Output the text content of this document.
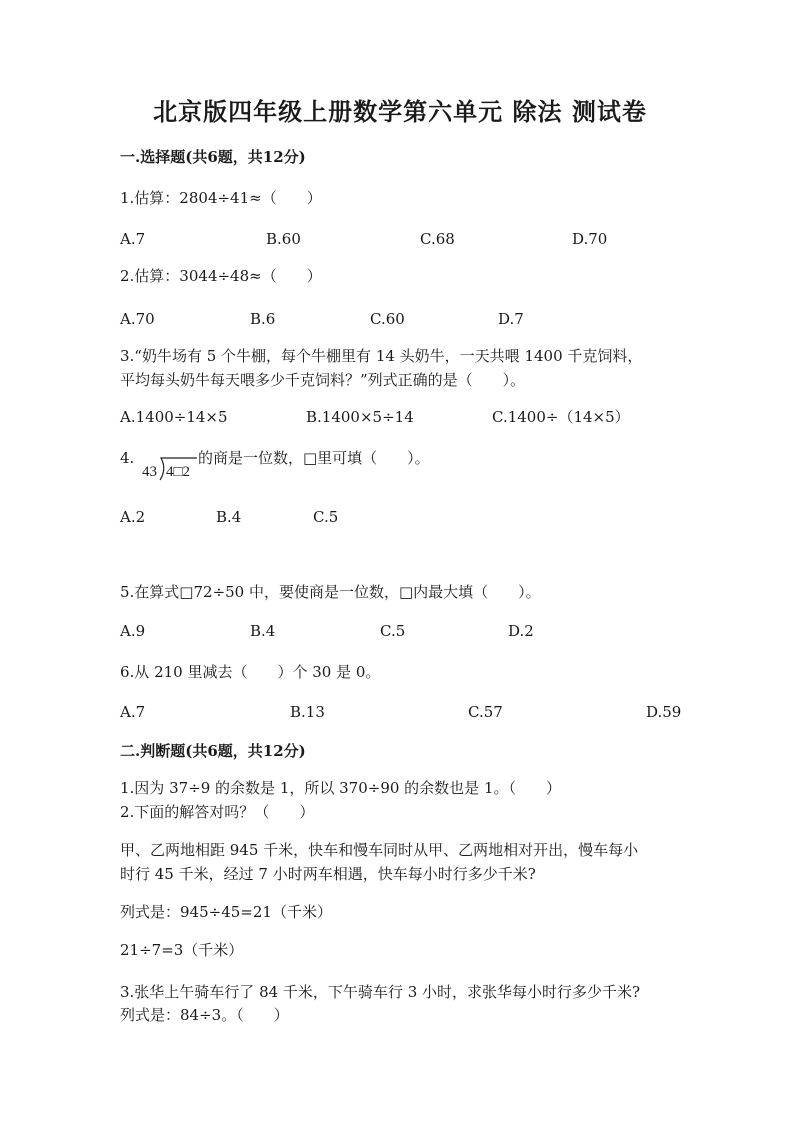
北京版四年级上册数学第六单元 除法 测试卷
一.选择题(共6题，共12分)
1.估算：2804÷41≈（　　）
A.7	B.60	C.68	D.70
2.估算：3044÷48≈（　　）
A.70	B.6	C.60	D.7
3.“奶牛场有 5 个牛棚，每个牛棚里有 14 头奶牛，一天共喂 1400 千克饲料，
平均每头奶牛每天喂多少千克饲料？”列式正确的是（　　）。
A.1400÷14×5	B.1400×5÷14	C.1400÷（14×5）
4.
43 4□2
的商是一位数，□里可填（　　）。
A.2	B.4	C.5
5.在算式□72÷50 中，要使商是一位数，□内最大填（　　）。
A.9	B.4	C.5	D.2
6.从 210 里减去（　　）个 30 是 0。
A.7	B.13	C.57	D.59
二.判断题(共6题，共12分)
1.因为 37÷9 的余数是 1，所以 370÷90 的余数也是 1。（　　）
2.下面的解答对吗？（　　）
甲、乙两地相距 945 千米，快车和慢车同时从甲、乙两地相对开出，慢车每小
时行 45 千米，经过 7 小时两车相遇，快车每小时行多少千米?
列式是：945÷45=21（千米）
21÷7=3（千米）
3.张华上午骑车行了 84 千米，下午骑车行 3 小时，求张华每小时行多少千米?
列式是：84÷3。（　　）
